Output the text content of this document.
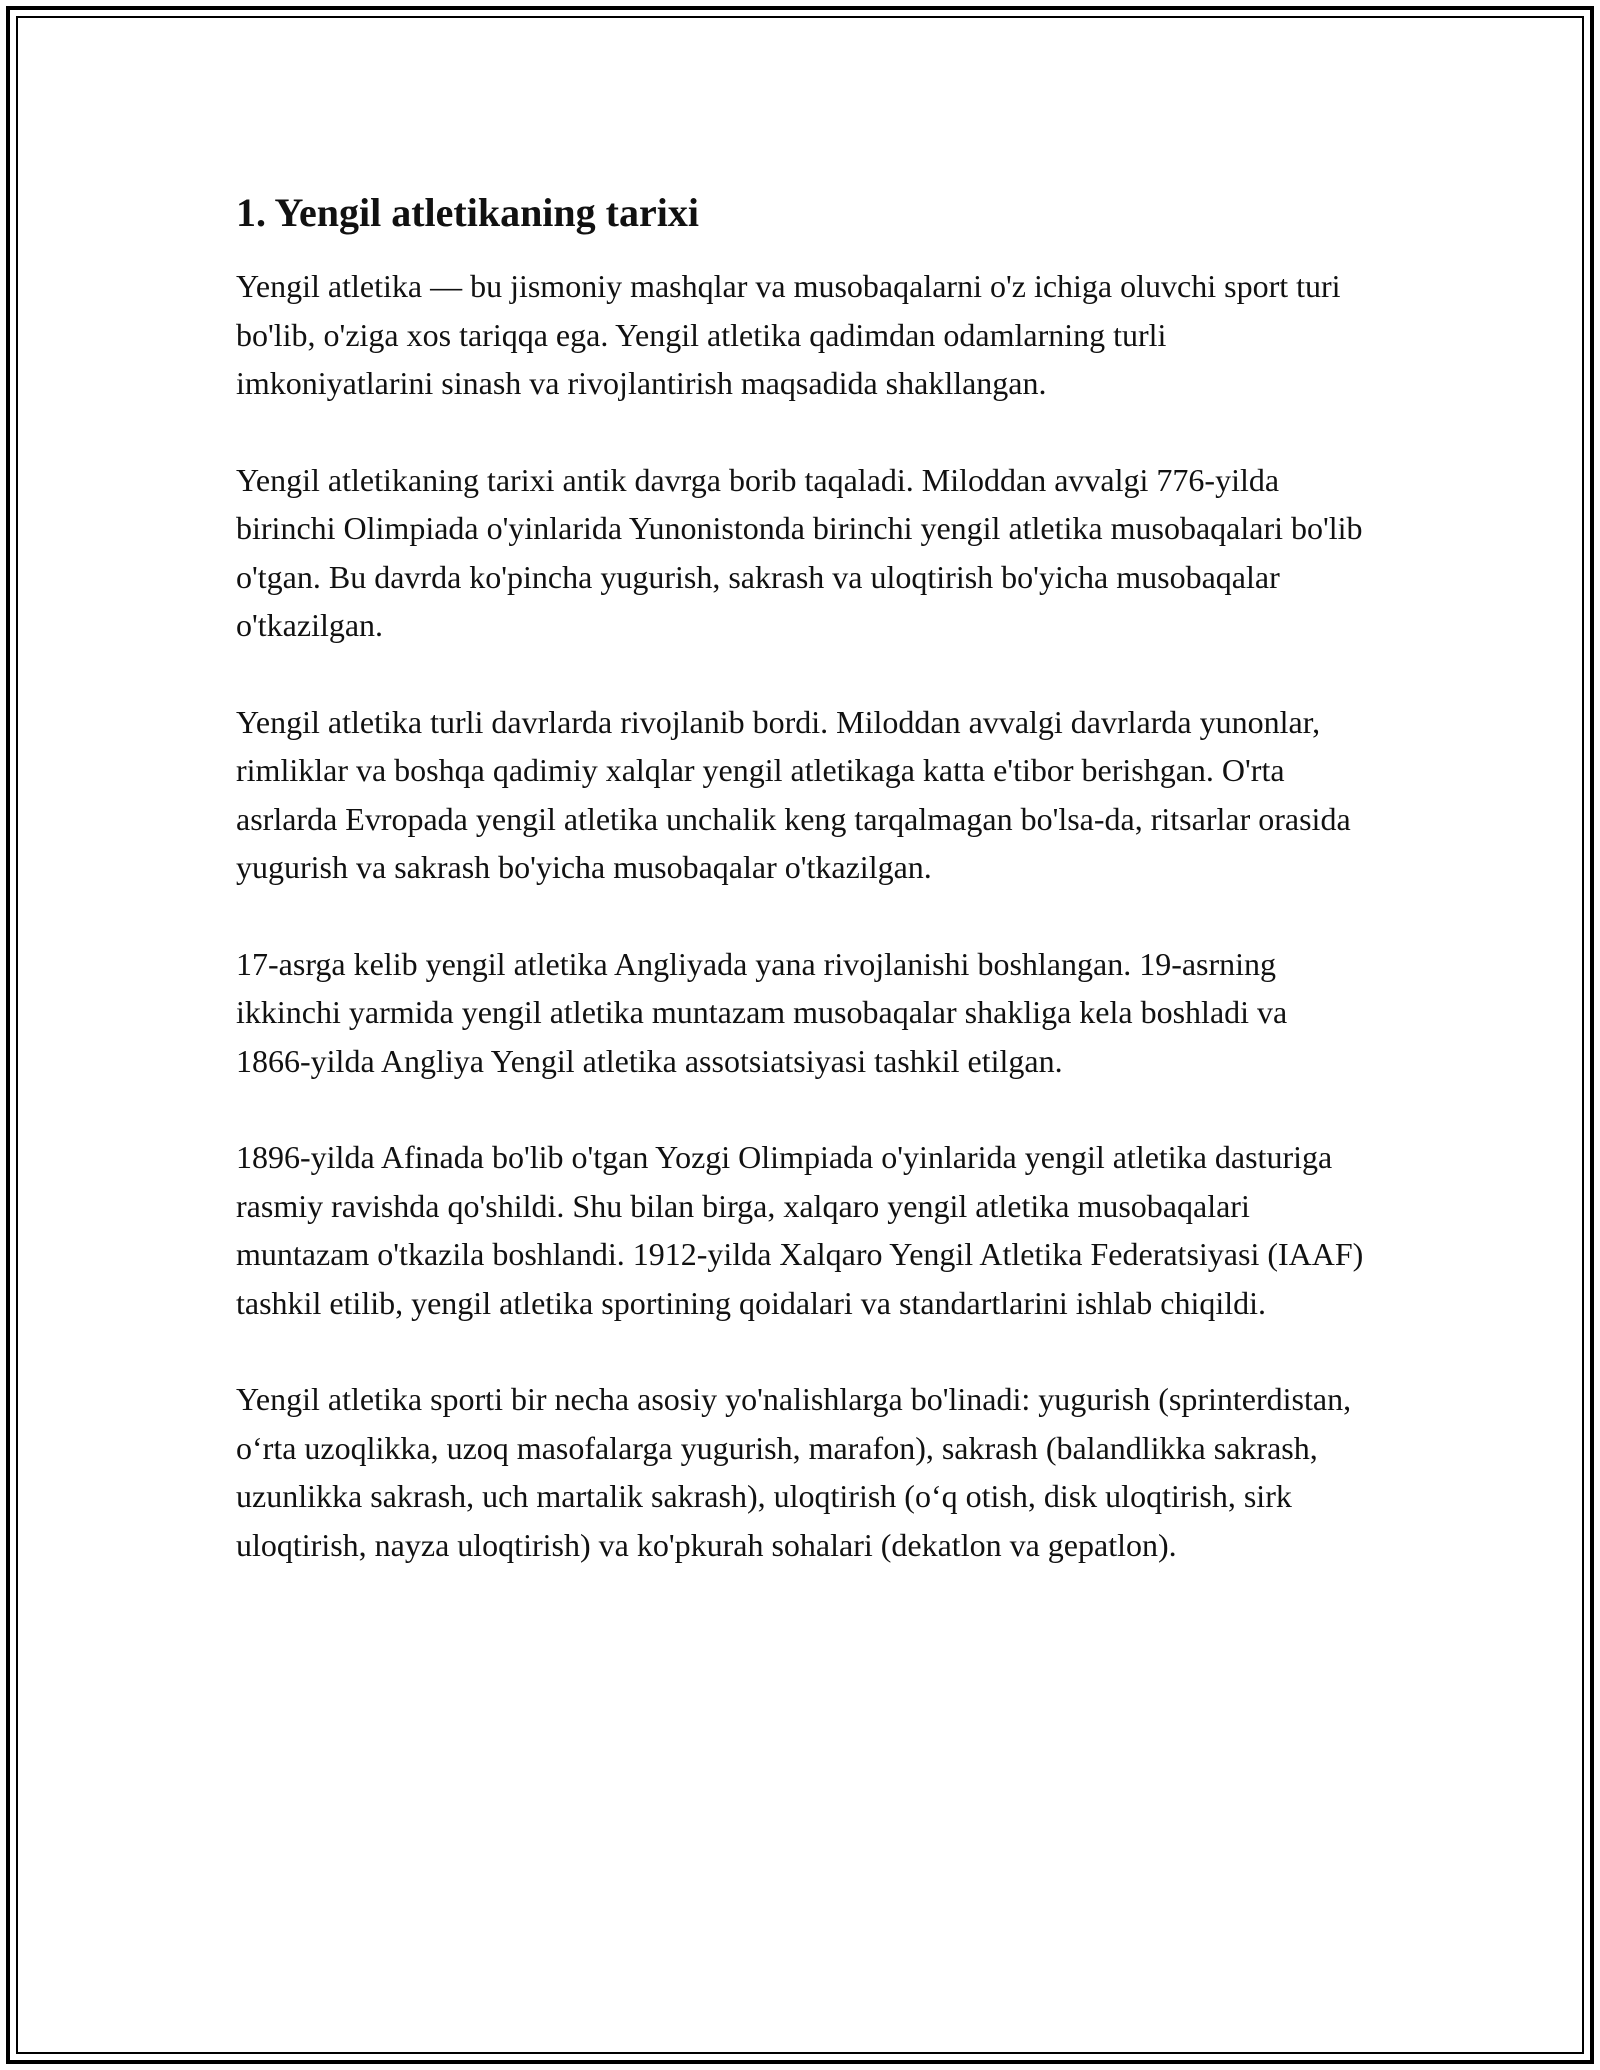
1. Yengil atletikaning tarixi

Yengil atletika — bu jismoniy mashqlar va musobaqalarni o'z ichiga oluvchi sport turi bo'lib, o'ziga xos tariqqa ega. Yengil atletika qadimdan odamlarning turli imkoniyatlarini sinash va rivojlantirish maqsadida shakllangan.

Yengil atletikaning tarixi antik davrga borib taqaladi. Miloddan avvalgi 776-yilda birinchi Olimpiada o'yinlarida Yunonistonda birinchi yengil atletika musobaqalari bo'lib o'tgan. Bu davrda ko'pincha yugurish, sakrash va uloqtirish bo'yicha musobaqalar o'tkazilgan.

Yengil atletika turli davrlarda rivojlanib bordi. Miloddan avvalgi davrlarda yunonlar, rimliklar va boshqa qadimiy xalqlar yengil atletikaga katta e'tibor berishgan. O'rta asrlarda Evropada yengil atletika unchalik keng tarqalmagan bo'lsa-da, ritsarlar orasida yugurish va sakrash bo'yicha musobaqalar o'tkazilgan.

17-asrga kelib yengil atletika Angliyada yana rivojlanishi boshlangan. 19-asrning ikkinchi yarmida yengil atletika muntazam musobaqalar shakliga kela boshladi va 1866-yilda Angliya Yengil atletika assotsiatsiyasi tashkil etilgan.

1896-yilda Afinada bo'lib o'tgan Yozgi Olimpiada o'yinlarida yengil atletika dasturiga rasmiy ravishda qo'shildi. Shu bilan birga, xalqaro yengil atletika musobaqalari muntazam o'tkazila boshlandi. 1912-yilda Xalqaro Yengil Atletika Federatsiyasi (IAAF) tashkil etilib, yengil atletika sportining qoidalari va standartlarini ishlab chiqildi.

Yengil atletika sporti bir necha asosiy yo'nalishlarga bo'linadi: yugurish (sprinterdistan, o‘rta uzoqlikka, uzoq masofalarga yugurish, marafon), sakrash (balandlikka sakrash, uzunlikka sakrash, uch martalik sakrash), uloqtirish (o‘q otish, disk uloqtirish, sirk uloqtirish, nayza uloqtirish) va ko'pkurah sohalari (dekatlon va gepatlon).
